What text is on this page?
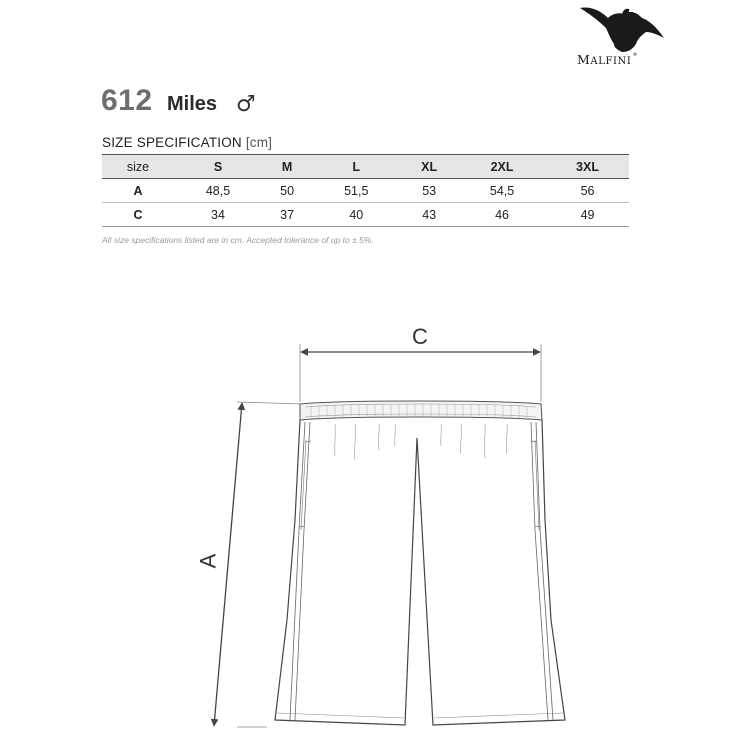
MALFINI®
612 Miles ♂
SIZE SPECIFICATION [cm]
size	S	M	L	XL	2XL	3XL
A	48,5	50	51,5	53	54,5	56
C	34	37	40	43	46	49
All size specifications listed are in cm. Accepted tolerance of up to ± 5%.
C
A
